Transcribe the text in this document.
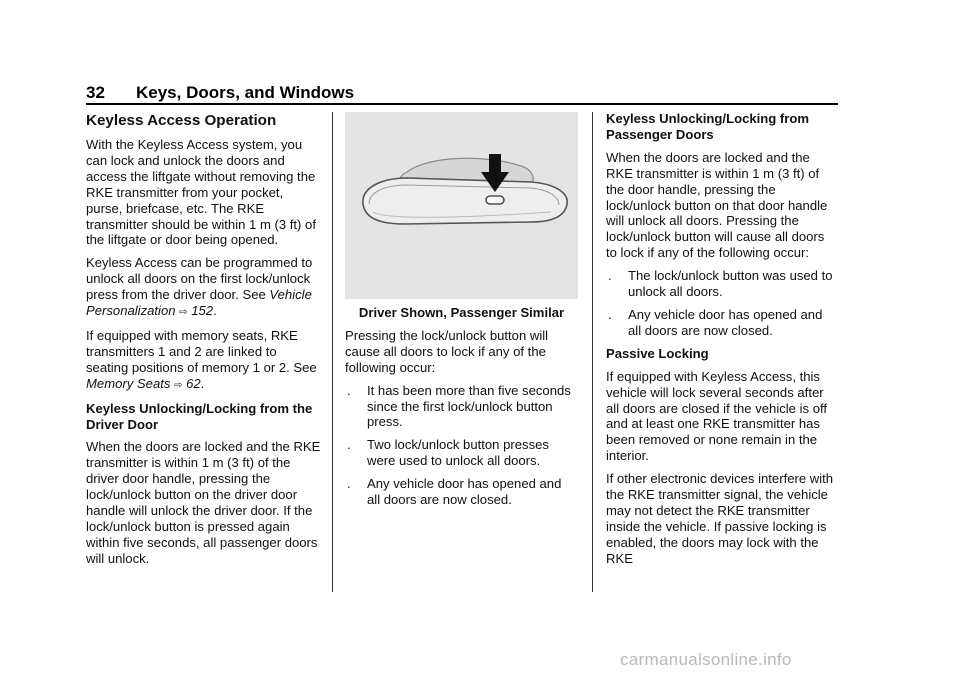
32 Keys, Doors, and Windows
Keyless Access Operation

With the Keyless Access system, you can lock and unlock the doors and access the liftgate without removing the RKE transmitter from your pocket, purse, briefcase, etc. The RKE transmitter should be within 1 m (3 ft) of the liftgate or door being opened.

Keyless Access can be programmed to unlock all doors on the first lock/unlock press from the driver door. See Vehicle Personalization ⇨ 152.

If equipped with memory seats, RKE transmitters 1 and 2 are linked to seating positions of memory 1 or 2. See Memory Seats ⇨ 62.

Keyless Unlocking/Locking from the Driver Door

When the doors are locked and the RKE transmitter is within 1 m (3 ft) of the driver door handle, pressing the lock/unlock button on the driver door handle will unlock the driver door. If the lock/unlock button is pressed again within five seconds, all passenger doors will unlock.

Driver Shown, Passenger Similar

Pressing the lock/unlock button will cause all doors to lock if any of the following occur:

. It has been more than five seconds since the first lock/unlock button press.
. Two lock/unlock button presses were used to unlock all doors.
. Any vehicle door has opened and all doors are now closed.
Keyless Unlocking/Locking from Passenger Doors

When the doors are locked and the RKE transmitter is within 1 m (3 ft) of the door handle, pressing the lock/unlock button on that door handle will unlock all doors. Pressing the lock/unlock button will cause all doors to lock if any of the following occur:

. The lock/unlock button was used to unlock all doors.
. Any vehicle door has opened and all doors are now closed.
Passive Locking

If equipped with Keyless Access, this vehicle will lock several seconds after all doors are closed if the vehicle is off and at least one RKE transmitter has been removed or none remain in the interior.

If other electronic devices interfere with the RKE transmitter signal, the vehicle may not detect the RKE transmitter inside the vehicle. If passive locking is enabled, the doors may lock with the RKE

carmanualsonline.info
